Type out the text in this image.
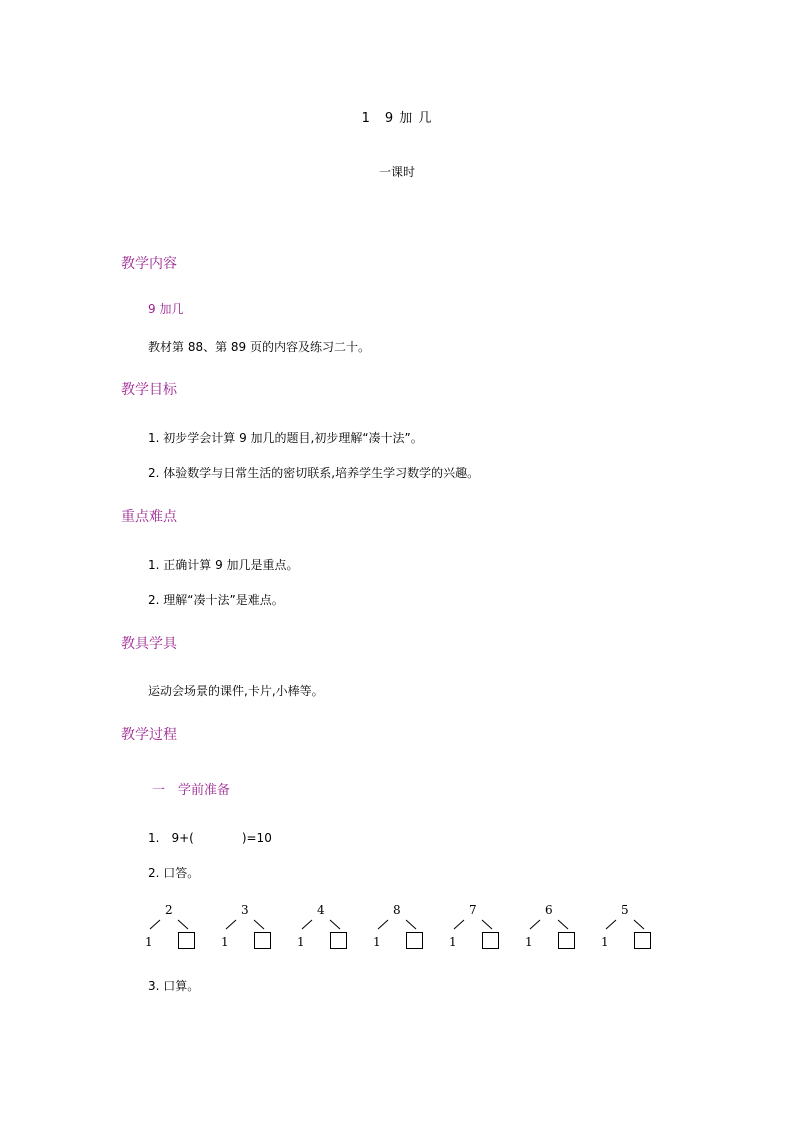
1　9 加 几
一课时
教学内容
9 加几
教材第 88、第 89 页的内容及练习二十。
教学目标
1. 初步学会计算 9 加几的题目,初步理解“凑十法”。
2. 体验数学与日常生活的密切联系,培养学生学习数学的兴趣。
重点难点
1. 正确计算 9 加几是重点。
2. 理解“凑十法”是难点。
教具学具
运动会场景的课件,卡片,小棒等。
教学过程
一　学前准备
1.　9+(　　　　)=10
2. 口答。
2
1
3
1
4
1
8
1
7
1
6
1
5
1
3. 口算。
